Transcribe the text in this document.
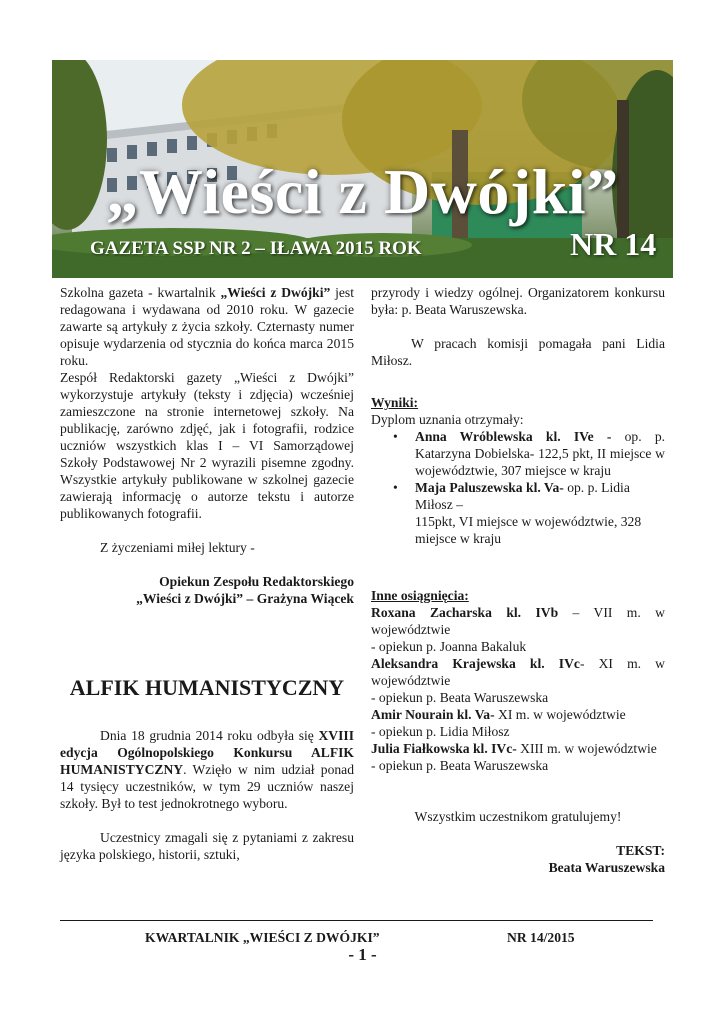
„Wieści z Dwójki”
GAZETA SSP NR 2 – IŁAWA 2015 ROK	NR 14

Szkolna gazeta - kwartalnik „Wieści z Dwójki” jest redagowana i wydawana od 2010 roku. W gazecie zawarte są artykuły z życia szkoły. Czternasty numer opisuje wydarzenia od stycznia do końca marca 2015 roku.

Zespół Redaktorski gazety „Wieści z Dwójki” wykorzystuje artykuły (teksty i zdjęcia) wcześniej zamieszczone na stronie internetowej szkoły. Na publikację, zarówno zdjęć, jak i fotografii, rodzice uczniów wszystkich klas I – VI Samorządowej Szkoły Podstawowej Nr 2 wyrazili pisemne zgodny. Wszystkie artykuły publikowane w szkolnej gazecie zawierają informację o autorze tekstu i autorze publikowanych fotografii.

Z życzeniami miłej lektury -

Opiekun Zespołu Redaktorskiego

„Wieści z Dwójki” – Grażyna Wiącek

ALFIK HUMANISTYCZNY

Dnia 18 grudnia 2014 roku odbyła się XVIII edycja Ogólnopolskiego Konkursu ALFIK HUMANISTYCZNY. Wzięło w nim udział ponad 14 tysięcy uczestników, w tym 29 uczniów naszej szkoły. Był to test jednokrotnego wyboru.

Uczestnicy zmagali się z pytaniami z zakresu języka polskiego, historii, sztuki,

przyrody i wiedzy ogólnej. Organizatorem konkursu była: p. Beata Waruszewska.

W pracach komisji pomagała pani Lidia Miłosz.

Wyniki:

Dyplom uznania otrzymały:

• Anna Wróblewska kl. IVe - op. p. Katarzyna Dobielska- 122,5 pkt, II miejsce w województwie, 307 miejsce w kraju
• Maja Paluszewska kl. Va- op. p. Lidia Miłosz –
115pkt, VI miejsce w województwie, 328 miejsce w kraju

Inne osiągnięcia:

Roxana Zacharska kl. IVb – VII m. w województwie

- opiekun p. Joanna Bakaluk

Aleksandra Krajewska kl. IVc- XI m. w województwie

- opiekun p. Beata Waruszewska

Amir Nourain kl. Va- XI m. w województwie

- opiekun p. Lidia Miłosz

Julia Fiałkowska kl. IVc- XIII m. w województwie

- opiekun p. Beata Waruszewska

Wszystkim uczestnikom gratulujemy!

TEKST:

Beata Waruszewska

KWARTALNIK „WIEŚCI Z DWÓJKI”	NR 14/2015
- 1 -
